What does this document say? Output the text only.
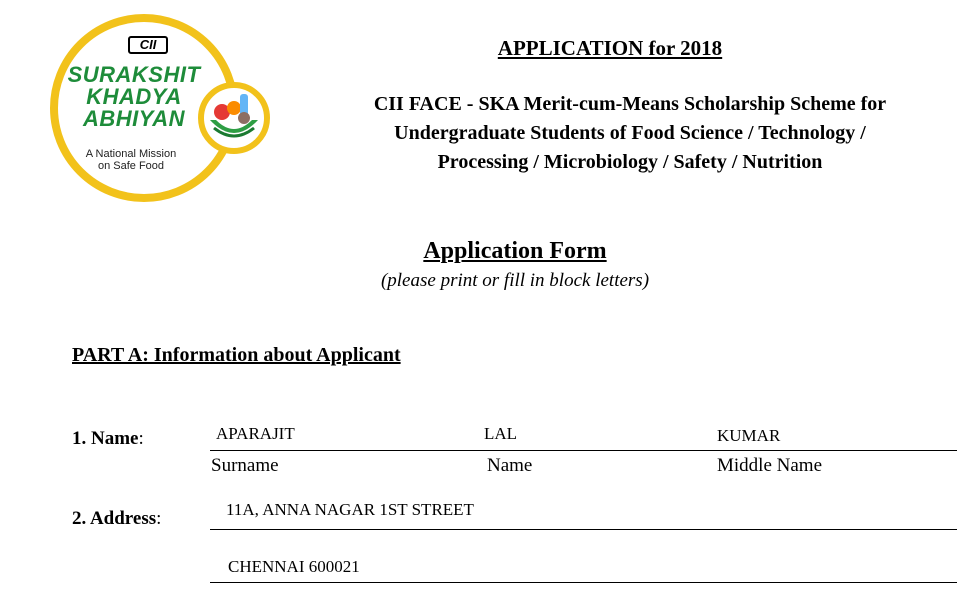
CII
SURAKSHIT
KHADYA
ABHIYAN
A National Mission
on Safe Food
APPLICATION for 2018
CII FACE - SKA Merit-cum-Means Scholarship Scheme for
Undergraduate Students of Food Science / Technology /
Processing / Microbiology / Safety / Nutrition
Application Form
(please print or fill in block letters)
PART A: Information about Applicant
1. Name:	APARAJIT	LAL	KUMAR
Surname	Name	Middle Name
2. Address:	11A, ANNA NAGAR 1ST STREET
CHENNAI 600021
